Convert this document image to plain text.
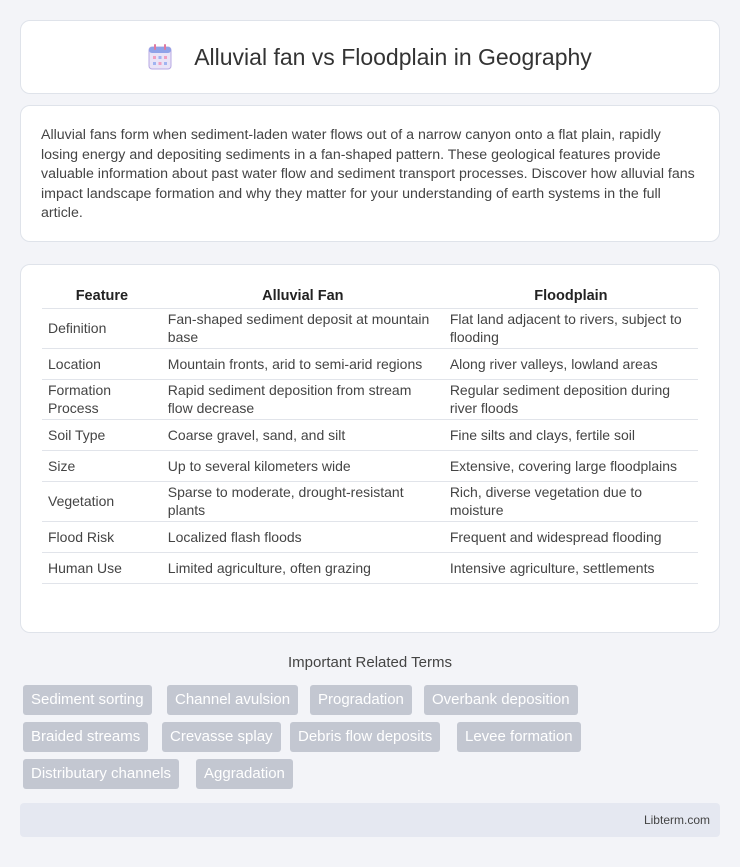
Alluvial fan vs Floodplain in Geography

Alluvial fans form when sediment-laden water flows out of a narrow canyon onto a flat plain, rapidly losing energy and depositing sediments in a fan-shaped pattern. These geological features provide valuable information about past water flow and sediment transport processes. Discover how alluvial fans impact landscape formation and why they matter for your understanding of earth systems in the full article.

Feature	Alluvial Fan	Floodplain
Definition	Fan-shaped sediment deposit at mountain base	Flat land adjacent to rivers, subject to flooding
Location	Mountain fronts, arid to semi-arid regions	Along river valleys, lowland areas
Formation Process	Rapid sediment deposition from stream flow decrease	Regular sediment deposition during river floods
Soil Type	Coarse gravel, sand, and silt	Fine silts and clays, fertile soil
Size	Up to several kilometers wide	Extensive, covering large floodplains
Vegetation	Sparse to moderate, drought-resistant plants	Rich, diverse vegetation due to moisture
Flood Risk	Localized flash floods	Frequent and widespread flooding
Human Use	Limited agriculture, often grazing	Intensive agriculture, settlements
Important Related Terms
Sediment sorting	Channel avulsion	Progradation	Overbank deposition
Braided streams	Crevasse splay	Debris flow deposits	Levee formation
Distributary channels	Aggradation
Libterm.com
